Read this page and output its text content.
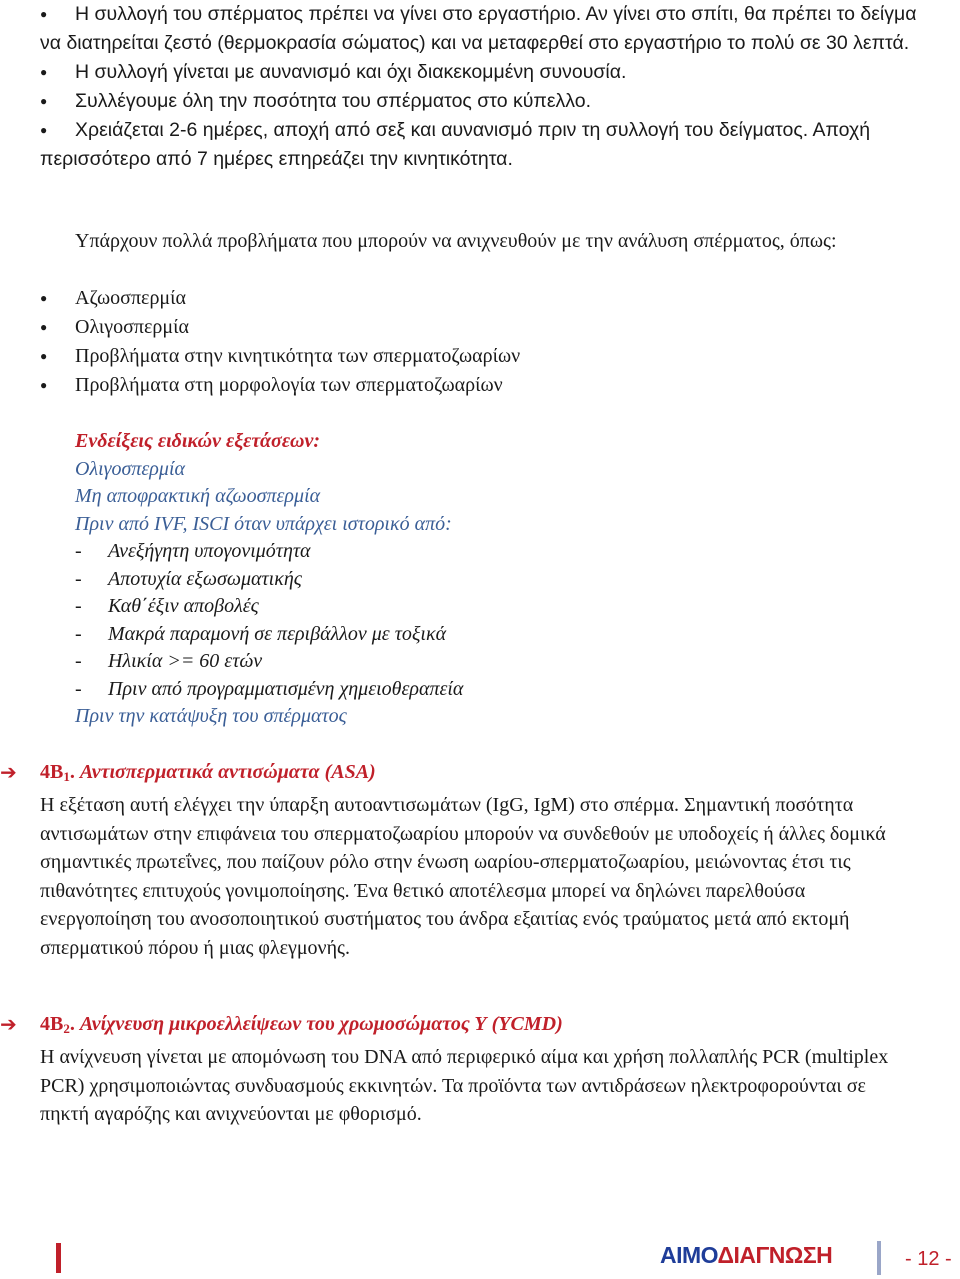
● Η συλλογή του σπέρματος πρέπει να γίνει στο εργαστήριο. Αν γίνει στο σπίτι, θα πρέπει το δείγμα να διατηρείται ζεστό (θερμοκρασία σώματος) και να μεταφερθεί στο εργαστήριο το πολύ σε 30 λεπτά.
● Η συλλογή γίνεται με αυνανισμό και όχι διακεκομμένη συνουσία.
● Συλλέγουμε όλη την ποσότητα του σπέρματος στο κύπελλο.
● Χρειάζεται 2-6 ημέρες, αποχή από σεξ και αυνανισμό πριν τη συλλογή του δείγματος. Αποχή περισσότερο από 7 ημέρες επηρεάζει την κινητικότητα.

Υπάρχουν πολλά προβλήματα που μπορούν να ανιχνευθούν με την ανάλυση σπέρματος, όπως:

● Αζωοσπερμία
● Ολιγοσπερμία
● Προβλήματα στην κινητικότητα των σπερματοζωαρίων
● Προβλήματα στη μορφολογία των σπερματοζωαρίων
Ενδείξεις ειδικών εξετάσεων:
Ολιγοσπερμία
Μη αποφρακτική αζωοσπερμία
Πριν από IVF, ISCI όταν υπάρχει ιστορικό από:
- Ανεξήγητη υπογονιμότητα
- Αποτυχία εξωσωματικής
- Καθ΄έξιν αποβολές
- Μακρά παραμονή σε περιβάλλον με τοξικά
- Ηλικία >= 60 ετών
- Πριν από προγραμματισμένη χημειοθεραπεία
Πριν την κατάψυξη του σπέρματος
➔ $4B_1$. Αντισπερματικά αντισώματα (ASA)

Η εξέταση αυτή ελέγχει την ύπαρξη αυτοαντισωμάτων (IgG, IgM) στο σπέρμα. Σημαντική ποσότητα αντισωμάτων στην επιφάνεια του σπερματοζωαρίου μπορούν να συνδεθούν με υποδοχείς ή άλλες δομικά σημαντικές πρωτεΐνες, που παίζουν ρόλο στην ένωση ωαρίου-σπερματοζωαρίου, μειώνοντας έτσι τις πιθανότητες επιτυχούς γονιμοποίησης. Ένα θετικό αποτέλεσμα μπορεί να δηλώνει παρελθούσα ενεργοποίηση του ανοσοποιητικού συστήματος του άνδρα εξαιτίας ενός τραύματος μετά από εκτομή σπερματικού πόρου ή μιας φλεγμονής.

➔ $4B_2$. Ανίχνευση μικροελλείψεων του χρωμοσώματος Υ (YCMD)

Η ανίχνευση γίνεται με απομόνωση του DNA από περιφερικό αίμα και χρήση πολλαπλής PCR (multiplex PCR) χρησιμοποιώντας συνδυασμούς εκκινητών. Τα προϊόντα των αντιδράσεων ηλεκτροφορούνται σε πηκτή αγαρόζης και ανιχνεύονται με φθορισμό.

ΑΙΜΟΔΙΑΓΝΩΣΗ	- 12 -
